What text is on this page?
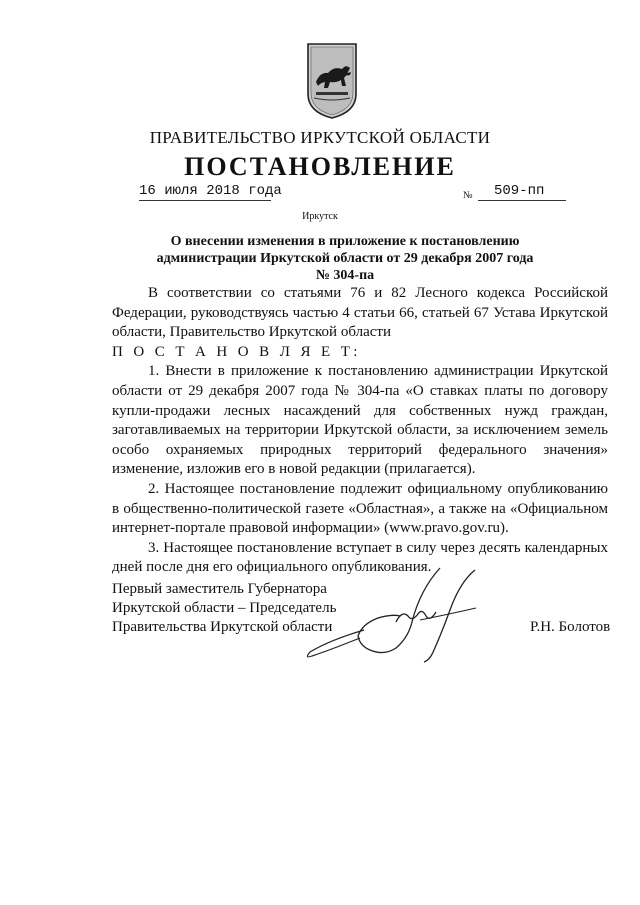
ПРАВИТЕЛЬСТВО ИРКУТСКОЙ ОБЛАСТИ
ПОСТАНОВЛЕНИЕ
16 июля 2018 года	№	509-пп
Иркутск
О внесении изменения в приложение к постановлению
администрации Иркутской области от 29 декабря 2007 года № 304-па

В соответствии со статьями 76 и 82 Лесного кодекса Российской Федерации, руководствуясь частью 4 статьи 66, статьей 67 Устава Иркутской области, Правительство Иркутской области

П О С Т А Н О В Л Я Е Т:

1. Внести в приложение к постановлению администрации Иркутской области от 29 декабря 2007 года № 304-па «О ставках платы по договору купли-продажи лесных насаждений для собственных нужд граждан, заготавливаемых на территории Иркутской области, за исключением земель особо охраняемых природных территорий федерального значения» изменение, изложив его в новой редакции (прилагается).

2. Настоящее постановление подлежит официальному опубликованию в общественно-политической газете «Областная», а также на «Официальном интернет-портале правовой информации» (www.pravo.gov.ru).

3. Настоящее постановление вступает в силу через десять календарных дней после дня его официального опубликования.

Первый заместитель Губернатора
Иркутской области – Председатель
Правительства Иркутской области	Р.Н. Болотов
